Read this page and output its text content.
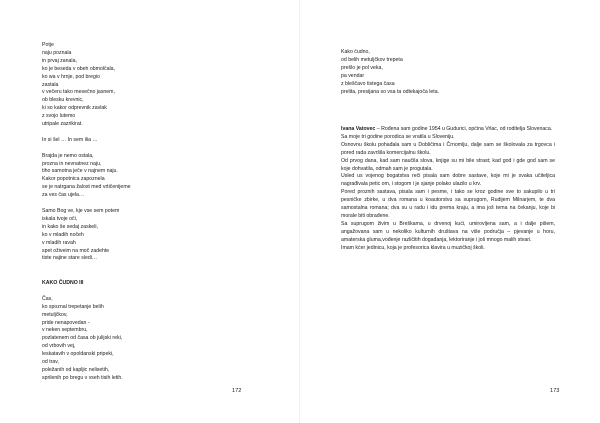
Potje
naju poznala
in prvaj zanala,
ko je beseda v obeh obmolčala,
ko wa v hrnje, pod bregio
zastala
v večeru tako mesečno jasnem,
ob blesku krevnic,
ki so kakor odprevnik zavlak
z svojo lutemo
utripale zazrikirat.
In si šel … In sem ilia …
Brajda je nemo ostala,
prozna in nevnatnez naju,
tiho samotna ječe v najnem naju.
Kakor popotnica zapoznela
se je natrgana žalost med vrtičenijeme
za ves čas ujela…
Samo Bog ve, kje vse sem potem
iskala tvoje oči,
in kako še sedaj zaskeli,
ko v mladih nočeh
v mladih ravah
spet oživeim na moč zadehte
tiste najine stare sledi…
KAKO ČUDNO III
Čas,
ko spoznal trepetanje belih
metuljčkov,
pride nenapovedan -
v neken septembru,
pozlatenem od časa ob julijski reki,
od vrbovih vej,
leskatavih v opoldanski pripeki,
od trav,
poležanih od kapljic nelisetih,
sprilenih po bregu v vseh tisih letih.
172
Kako čudno,
od belih metuljčkov trepeta
prešlo je pol veka,
pa vendar
z bleščavo tistega časa
prelita, presijana so vsa ta odtekajoča leta.

Ivana Vatovec – Rođena sam godine 1954 u Gudurici, općina Vrlac, od roditelja Slovenaca.

Sa moje tri godine porodica se vratila u Sloveniju.

Osnovnu školu pohađala sam u Dobličima i Črnomlju, dalje sam se školovala za trgovca i pored rada završila komercijalnu školu.

Od prvog dana, kad sam naučila slova, knjige su mi bile strast; kad god i gde god sam se koje dohvatila, odmah sam je progutala.

Usled us vojenog bogatstva reči pisala sam dobre sastave, koje mi je svaka učiteljica nagrađivala petic om, i stogom i je sjanje polako ulazilo u krv.

Pored proznih sastava, pisala sam i pesme, i tako se kroz godine sve to sakupilo u tri pesničke zbirke, u dva romana u koautorstvu sa suprugom, Rudijem Milnarjem, te dva samostalna romana; dva su u radu i idu prema kraju, a ima još tema na čekanju, koje bi morale biti obrađene.

Sa suprugom živim u Breškama, u drvenoj kući, umirovljena sam, a i dalje pišem, angažovana sam u nekoliko kulturnih društava na više područja – pjevanje u horu, amaterska gluma,vođenje različitih događanja, lektoriranje i još mnogo malih stvari.

Imam kćer jedinicu, koja je profesorica klavira u muzičkoj školi.

173
